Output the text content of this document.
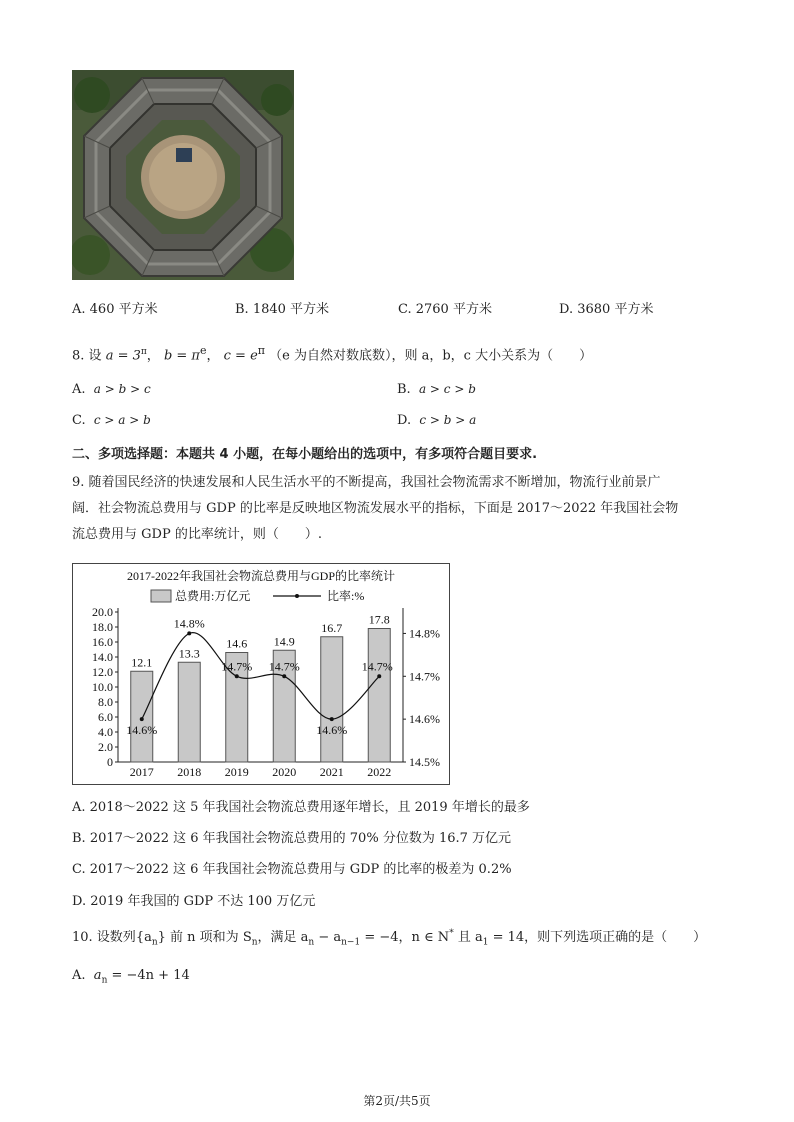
A. 460 平方米	B. 1840 平方米	C. 2760 平方米	D. 3680 平方米
8. 设 $a = 3^\pi$， $b = \pi^e$， $c = e^\pi$ （e 为自然对数底数），则 a，b，c 大小关系为（　　）
A. a > b > c	B. a > c > b
C. c > a > b	D. c > b > a
二、多项选择题：本题共 4 小题，在每小题给出的选项中，有多项符合题目要求.
9. 随着国民经济的快速发展和人民生活水平的不断提高，我国社会物流需求不断增加，物流行业前景广
阔．社会物流总费用与 GDP 的比率是反映地区物流发展水平的指标，下面是 2017～2022 年我国社会物
流总费用与 GDP 的比率统计，则（　　）.
2017-2022年我国社会物流总费用与GDP的比率统计
总费用:万亿元	比率:%
0
2.0
4.0
6.0
8.0
10.0
12.0
14.0
16.0
18.0
20.0
14.5%
14.6%
14.7%
14.8%
2017 2018 2019 2020 2021 2022
12.1
13.3
14.6 14.9
16.7
17.8
14.6%
14.8%
14.7% 14.7%
14.6%
14.7%
A. 2018～2022 这 5 年我国社会物流总费用逐年增长，且 2019 年增长的最多
B. 2017～2022 这 6 年我国社会物流总费用的 70% 分位数为 16.7 万亿元
C. 2017～2022 这 6 年我国社会物流总费用与 GDP 的比率的极差为 0.2%
D. 2019 年我国的 GDP 不达 100 万亿元
10. 设数列$\{a_n\}$ 前 n 项和为 $S_n$，满足 $a_n - a_{n-1} = -4$，n ∈ N* 且 $a_1 = 14$，则下列选项正确的是（　　）
A. $a_n = -4n + 14$
第2页/共5页
